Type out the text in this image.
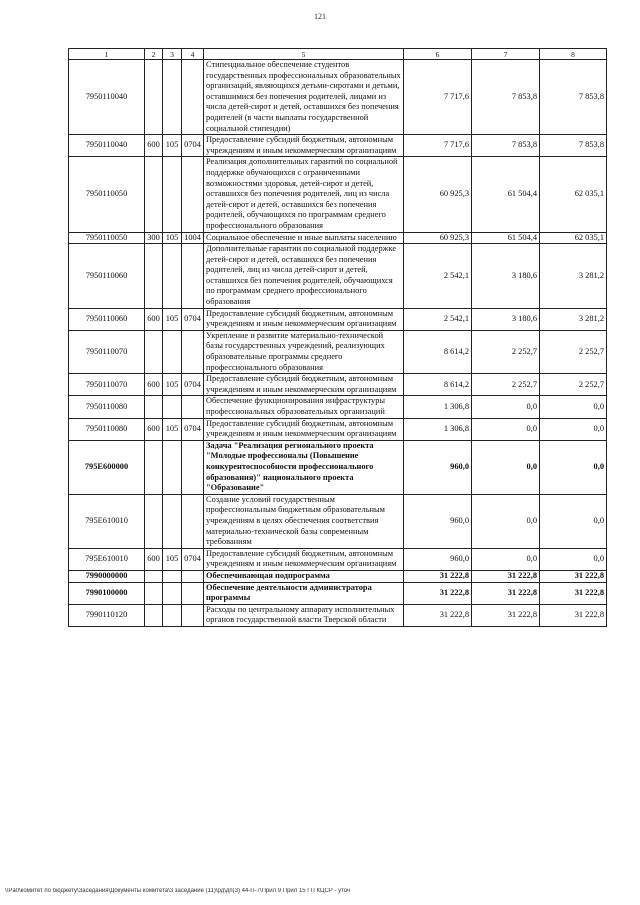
121
1	2	3	4	5	6	7	8
7950110040				Стипендиальное обеспечение студентов государственных профессиональных образовательных организаций, являющихся детьми-сиротами и детьми, оставшимися без попечения родителей, лицами из числа детей-сирот и детей, оставшихся без попечения родителей (в части выплаты государственной социальной стипендии)	7 717,6	7 853,8	7 853,8
7950110040	600	105	0704	Предоставление субсидий бюджетным, автономным учреждениям и иным некоммерческим организациям	7 717,6	7 853,8	7 853,8
7950110050				Реализация дополнительных гарантий по социальной поддержке обучающихся с ограниченными возможностями здоровья, детей-сирот и детей, оставшихся без попечения родителей, лиц из числа детей-сирот и детей, оставшихся без попечения родителей, обучающихся по программам среднего профессионального образования	60 925,3	61 504,4	62 035,1
7950110050	300	105	1004	Социальное обеспечение и иные выплаты населению	60 925,3	61 504,4	62 035,1
7950110060				Дополнительные гарантии по социальной поддержке детей-сирот и детей, оставшихся без попечения родителей, лиц из числа детей-сирот и детей, оставшихся без попечения родителей, обучающихся по программам среднего профессионального образования	2 542,1	3 180,6	3 281,2
7950110060	600	105	0704	Предоставление субсидий бюджетным, автономным учреждениям и иным некоммерческим организациям	2 542,1	3 180,6	3 281,2
7950110070				Укрепление и развитие материально-технической базы государственных учреждений, реализующих образовательные программы среднего профессионального образования	8 614,2	2 252,7	2 252,7
7950110070	600	105	0704	Предоставление субсидий бюджетным, автономным учреждениям и иным некоммерческим организациям	8 614,2	2 252,7	2 252,7
7950110080				Обеспечение функционирования инфраструктуры профессиональных образовательных организаций	1 306,8	0,0	0,0
7950110080	600	105	0704	Предоставление субсидий бюджетным, автономным учреждениям и иным некоммерческим организациям	1 306,8	0,0	0,0
795Е600000				Задача "Реализация регионального проекта "Молодые профессионалы (Повышение конкурентоспособности профессионального образования)" национального проекта "Образование"	960,0	0,0	0,0
795Е610010				Создание условий государственным профессиональным бюджетным образовательным учреждениям в целях обеспечения соответствия материально-технической базы современным требованиям	960,0	0,0	0,0
795Е610010	600	105	0704	Предоставление субсидий бюджетным, автономным учреждениям и иным некоммерческим организациям	960,0	0,0	0,0
7990000000				Обеспечивающая подпрограмма	31 222,8	31 222,8	31 222,8
7990100000				Обеспечение деятельности администратора программы	31 222,8	31 222,8	31 222,8
7990110120				Расходы по центральному аппарату исполнительных органов государственной власти Тверской области	31 222,8	31 222,8	31 222,8
\\Pa0\комитет по бюджету\Заседания\Документы комитета\3 заседание (11)\рд\дп(3) 44-П-7\Прил 9 Прил 15 ГП КЦСР - уточ
